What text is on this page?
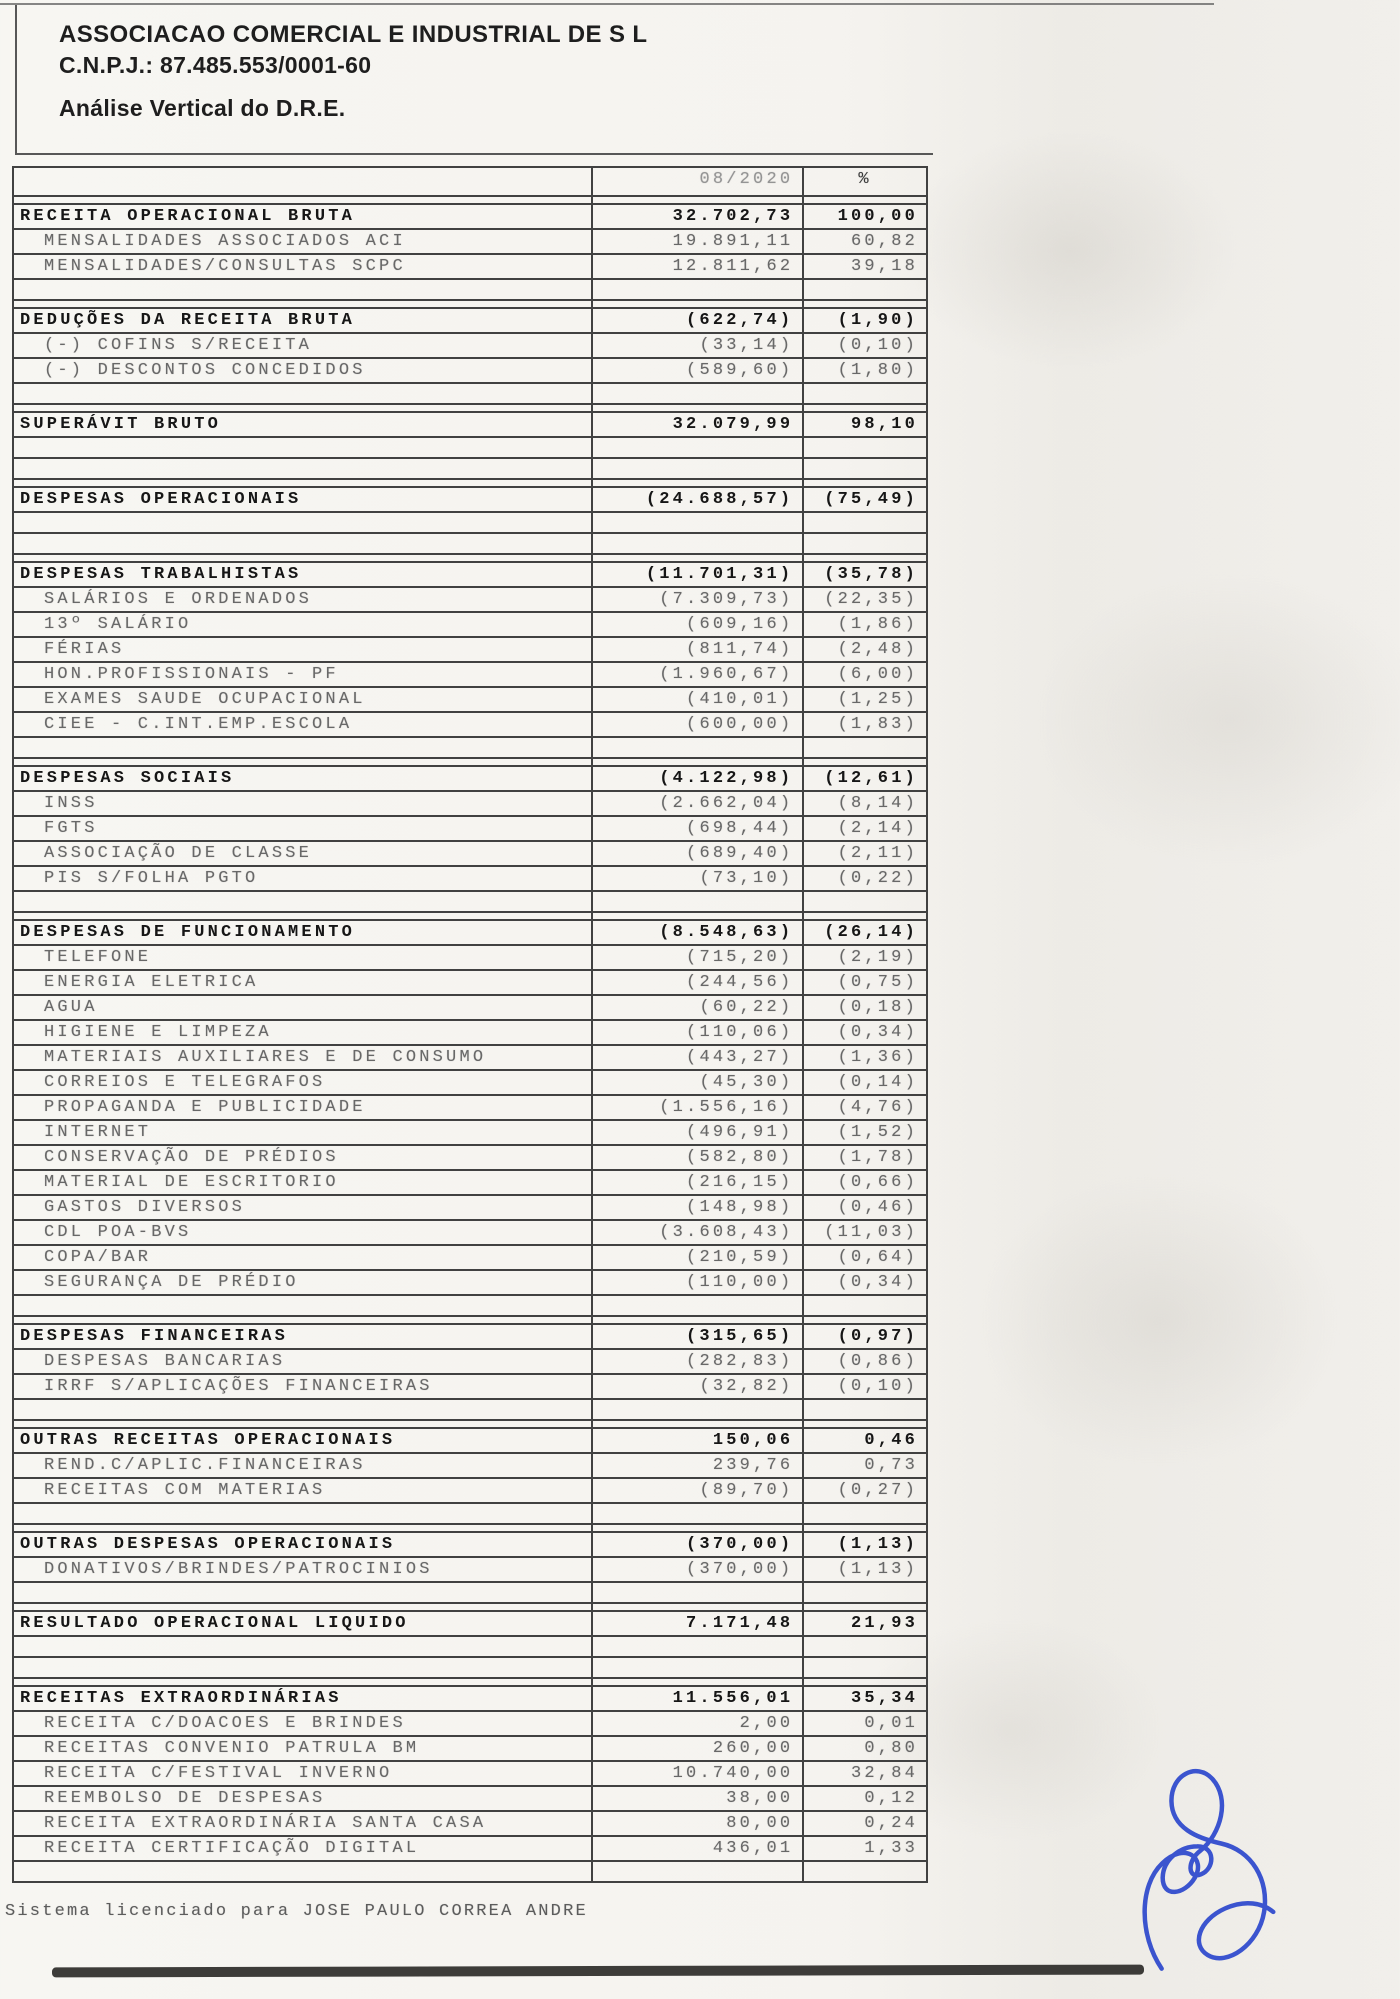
ASSOCIACAO COMERCIAL E INDUSTRIAL DE S L
C.N.P.J.: 87.485.553/0001-60
Análise Vertical do D.R.E.
08/2020	%
RECEITA OPERACIONAL BRUTA	32.702,73	100,00
MENSALIDADES ASSOCIADOS ACI	19.891,11	60,82
MENSALIDADES/CONSULTAS SCPC	12.811,62	39,18
DEDUÇÕES DA RECEITA BRUTA	(622,74)	(1,90)
(-) COFINS S/RECEITA	(33,14)	(0,10)
(-) DESCONTOS CONCEDIDOS	(589,60)	(1,80)
SUPERÁVIT BRUTO	32.079,99	98,10
DESPESAS OPERACIONAIS	(24.688,57)	(75,49)
DESPESAS TRABALHISTAS	(11.701,31)	(35,78)
SALÁRIOS E ORDENADOS	(7.309,73)	(22,35)
13º SALÁRIO	(609,16)	(1,86)
FÉRIAS	(811,74)	(2,48)
HON.PROFISSIONAIS - PF	(1.960,67)	(6,00)
EXAMES SAUDE OCUPACIONAL	(410,01)	(1,25)
CIEE - C.INT.EMP.ESCOLA	(600,00)	(1,83)
DESPESAS SOCIAIS	(4.122,98)	(12,61)
INSS	(2.662,04)	(8,14)
FGTS	(698,44)	(2,14)
ASSOCIAÇÃO DE CLASSE	(689,40)	(2,11)
PIS S/FOLHA PGTO	(73,10)	(0,22)
DESPESAS DE FUNCIONAMENTO	(8.548,63)	(26,14)
TELEFONE	(715,20)	(2,19)
ENERGIA ELETRICA	(244,56)	(0,75)
AGUA	(60,22)	(0,18)
HIGIENE E LIMPEZA	(110,06)	(0,34)
MATERIAIS AUXILIARES E DE CONSUMO	(443,27)	(1,36)
CORREIOS E TELEGRAFOS	(45,30)	(0,14)
PROPAGANDA E PUBLICIDADE	(1.556,16)	(4,76)
INTERNET	(496,91)	(1,52)
CONSERVAÇÃO DE PRÉDIOS	(582,80)	(1,78)
MATERIAL DE ESCRITORIO	(216,15)	(0,66)
GASTOS DIVERSOS	(148,98)	(0,46)
CDL POA-BVS	(3.608,43)	(11,03)
COPA/BAR	(210,59)	(0,64)
SEGURANÇA DE PRÉDIO	(110,00)	(0,34)
DESPESAS FINANCEIRAS	(315,65)	(0,97)
DESPESAS BANCARIAS	(282,83)	(0,86)
IRRF S/APLICAÇÕES FINANCEIRAS	(32,82)	(0,10)
OUTRAS RECEITAS OPERACIONAIS	150,06	0,46
REND.C/APLIC.FINANCEIRAS	239,76	0,73
RECEITAS COM MATERIAS	(89,70)	(0,27)
OUTRAS DESPESAS OPERACIONAIS	(370,00)	(1,13)
DONATIVOS/BRINDES/PATROCINIOS	(370,00)	(1,13)
RESULTADO OPERACIONAL LIQUIDO	7.171,48	21,93
RECEITAS EXTRAORDINÁRIAS	11.556,01	35,34
RECEITA C/DOACOES E BRINDES	2,00	0,01
RECEITAS CONVENIO PATRULA BM	260,00	0,80
RECEITA C/FESTIVAL INVERNO	10.740,00	32,84
REEMBOLSO DE DESPESAS	38,00	0,12
RECEITA EXTRAORDINÁRIA SANTA CASA	80,00	0,24
RECEITA CERTIFICAÇÃO DIGITAL	436,01	1,33
Sistema licenciado para JOSE PAULO CORREA ANDRE
